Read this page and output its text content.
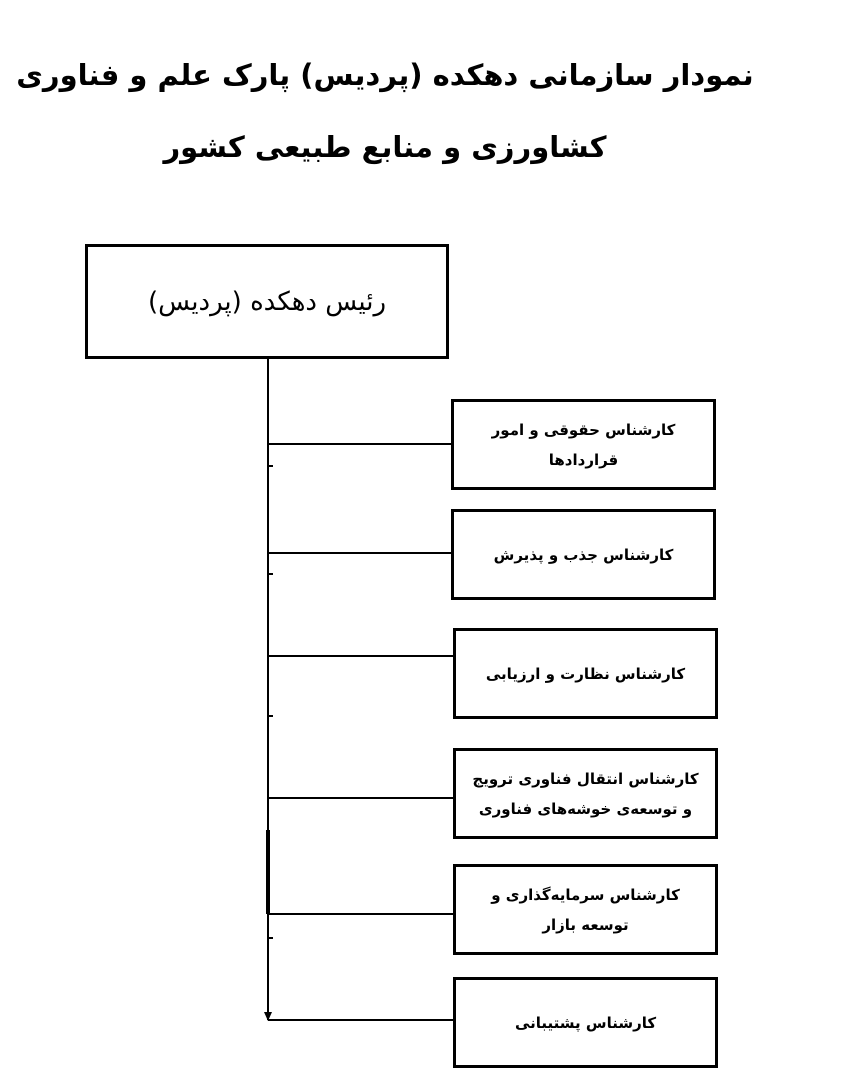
نمودار سازمانی دهکده (پردیس) پارک علم و فناوری
کشاورزی و منابع طبیعی کشور
رئیس دهکده (پردیس)
کارشناس حقوقی و امور قراردادها
کارشناس جذب و پذیرش
کارشناس نظارت و ارزیابی
کارشناس انتقال فناوری ترویج و توسعه‌ی خوشه‌های فناوری
کارشناس سرمایه‌گذاری و توسعه بازار
کارشناس پشتیبانی
